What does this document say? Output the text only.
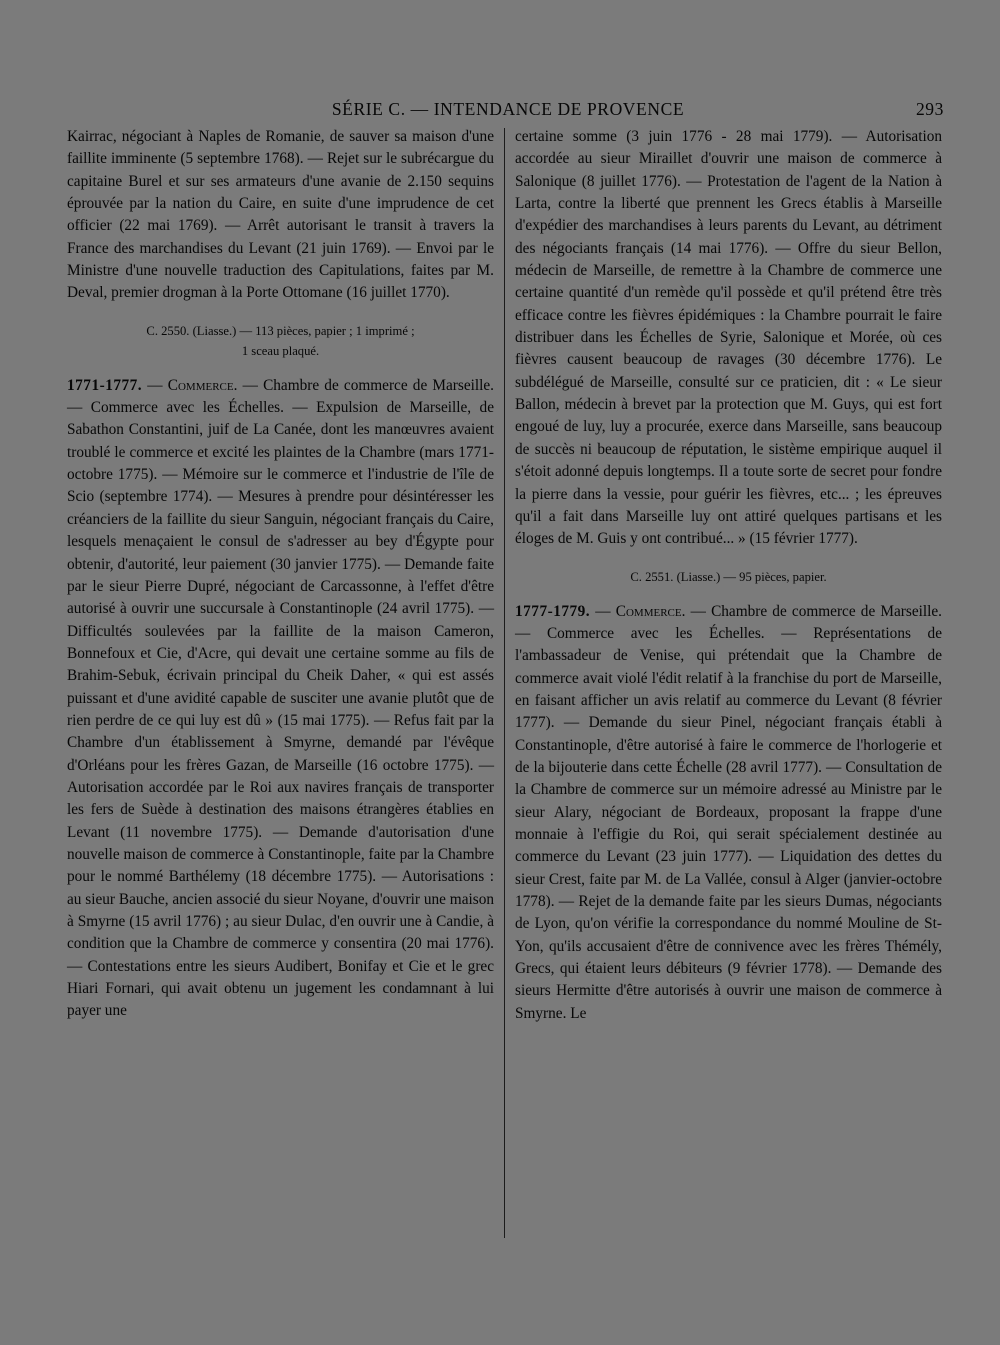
SÉRIE C. — INTENDANCE DE PROVENCE	293

Kairrac, négociant à Naples de Romanie, de sauver sa maison d'une faillite imminente (5 septembre 1768). — Rejet sur le subrécargue du capitaine Burel et sur ses armateurs d'une avanie de 2.150 sequins éprouvée par la nation du Caire, en suite d'une imprudence de cet officier (22 mai 1769). — Arrêt autorisant le transit à travers la France des marchandises du Levant (21 juin 1769). — Envoi par le Ministre d'une nouvelle traduction des Capitulations, faites par M. Deval, premier drogman à la Porte Ottomane (16 juillet 1770).

C. 2550. (Liasse.) — 113 pièces, papier ; 1 imprimé ;
1 sceau plaqué.

1771-1777. — Commerce. — Chambre de commerce de Marseille. — Commerce avec les Échelles. — Expulsion de Marseille, de Sabathon Constantini, juif de La Canée, dont les manœuvres avaient troublé le commerce et excité les plaintes de la Chambre (mars 1771-octobre 1775). — Mémoire sur le commerce et l'industrie de l'île de Scio (septembre 1774). — Mesures à prendre pour désintéresser les créanciers de la faillite du sieur Sanguin, négociant français du Caire, lesquels menaçaient le consul de s'adresser au bey d'Égypte pour obtenir, d'autorité, leur paiement (30 janvier 1775). — Demande faite par le sieur Pierre Dupré, négociant de Carcassonne, à l'effet d'être autorisé à ouvrir une succursale à Constantinople (24 avril 1775). — Difficultés soulevées par la faillite de la maison Cameron, Bonnefoux et Cie, d'Acre, qui devait une certaine somme au fils de Brahim-Sebuk, écrivain principal du Cheik Daher, « qui est assés puissant et d'une avidité capable de susciter une avanie plutôt que de rien perdre de ce qui luy est dû » (15 mai 1775). — Refus fait par la Chambre d'un établissement à Smyrne, demandé par l'évêque d'Orléans pour les frères Gazan, de Marseille (16 octobre 1775). — Autorisation accordée par le Roi aux navires français de transporter les fers de Suède à destination des maisons étrangères établies en Levant (11 novembre 1775). — Demande d'autorisation d'une nouvelle maison de commerce à Constantinople, faite par la Chambre pour le nommé Barthélemy (18 décembre 1775). — Autorisations : au sieur Bauche, ancien associé du sieur Noyane, d'ouvrir une maison à Smyrne (15 avril 1776) ; au sieur Dulac, d'en ouvrir une à Candie, à condition que la Chambre de commerce y consentira (20 mai 1776). — Contestations entre les sieurs Audibert, Bonifay et Cie et le grec Hiari Fornari, qui avait obtenu un jugement les condamnant à lui payer une

certaine somme (3 juin 1776 - 28 mai 1779). — Autorisation accordée au sieur Miraillet d'ouvrir une maison de commerce à Salonique (8 juillet 1776). — Protestation de l'agent de la Nation à Larta, contre la liberté que prennent les Grecs établis à Marseille d'expédier des marchandises à leurs parents du Levant, au détriment des négociants français (14 mai 1776). — Offre du sieur Bellon, médecin de Marseille, de remettre à la Chambre de commerce une certaine quantité d'un remède qu'il possède et qu'il prétend être très efficace contre les fièvres épidémiques : la Chambre pourrait le faire distribuer dans les Échelles de Syrie, Salonique et Morée, où ces fièvres causent beaucoup de ravages (30 décembre 1776). Le subdélégué de Marseille, consulté sur ce praticien, dit : « Le sieur Ballon, médecin à brevet par la protection que M. Guys, qui est fort engoué de luy, luy a procurée, exerce dans Marseille, sans beaucoup de succès ni beaucoup de réputation, le sistème empirique auquel il s'étoit adonné depuis longtemps. Il a toute sorte de secret pour fondre la pierre dans la vessie, pour guérir les fièvres, etc... ; les épreuves qu'il a fait dans Marseille luy ont attiré quelques partisans et les éloges de M. Guis y ont contribué... » (15 février 1777).

C. 2551. (Liasse.) — 95 pièces, papier.

1777-1779. — Commerce. — Chambre de commerce de Marseille. — Commerce avec les Échelles. — Représentations de l'ambassadeur de Venise, qui prétendait que la Chambre de commerce avait violé l'édit relatif à la franchise du port de Marseille, en faisant afficher un avis relatif au commerce du Levant (8 février 1777). — Demande du sieur Pinel, négociant français établi à Constantinople, d'être autorisé à faire le commerce de l'horlogerie et de la bijouterie dans cette Échelle (28 avril 1777). — Consultation de la Chambre de commerce sur un mémoire adressé au Ministre par le sieur Alary, négociant de Bordeaux, proposant la frappe d'une monnaie à l'effigie du Roi, qui serait spécialement destinée au commerce du Levant (23 juin 1777). — Liquidation des dettes du sieur Crest, faite par M. de La Vallée, consul à Alger (janvier-octobre 1778). — Rejet de la demande faite par les sieurs Dumas, négociants de Lyon, qu'on vérifie la correspondance du nommé Mouline de St-Yon, qu'ils accusaient d'être de connivence avec les frères Thémély, Grecs, qui étaient leurs débiteurs (9 février 1778). — Demande des sieurs Hermitte d'être autorisés à ouvrir une maison de commerce à Smyrne. Le
